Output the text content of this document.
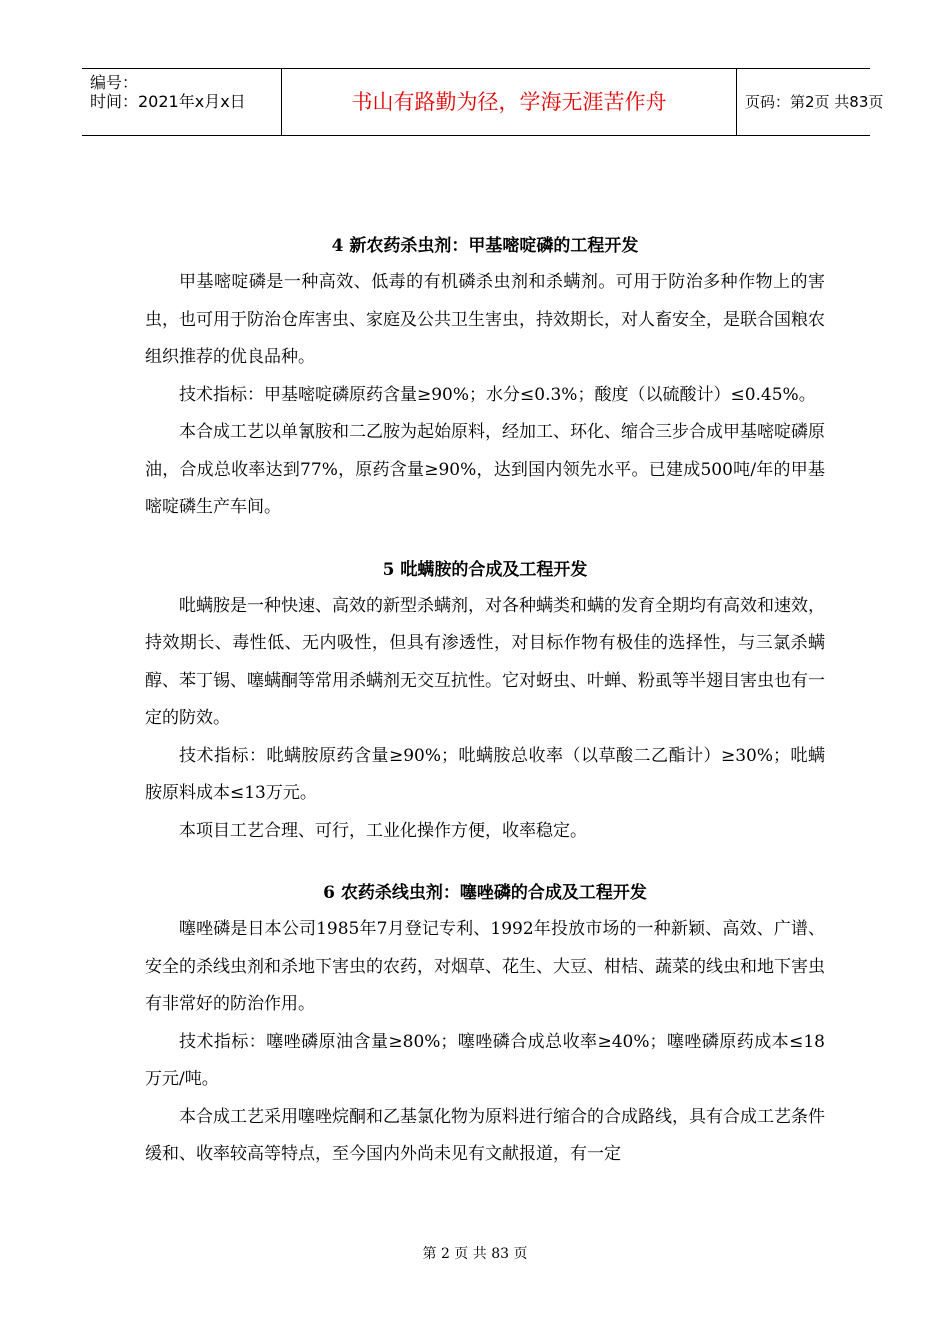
编号：
时间：2021年x月x日	书山有路勤为径，学海无涯苦作舟	页码：第2页 共83页
4 新农药杀虫剂：甲基嘧啶磷的工程开发

甲基嘧啶磷是一种高效、低毒的有机磷杀虫剂和杀螨剂。可用于防治多种作物上的害虫，也可用于防治仓库害虫、家庭及公共卫生害虫，持效期长，对人畜安全，是联合国粮农组织推荐的优良品种。

技术指标：甲基嘧啶磷原药含量≥90%；水分≤0.3%；酸度（以硫酸计）≤0.45%。

本合成工艺以单氰胺和二乙胺为起始原料，经加工、环化、缩合三步合成甲基嘧啶磷原油，合成总收率达到77%，原药含量≥90%，达到国内领先水平。已建成500吨/年的甲基嘧啶磷生产车间。

5 吡螨胺的合成及工程开发

吡螨胺是一种快速、高效的新型杀螨剂，对各种螨类和螨的发育全期均有高效和速效，持效期长、毒性低、无内吸性，但具有渗透性，对目标作物有极佳的选择性，与三氯杀螨醇、苯丁锡、噻螨酮等常用杀螨剂无交互抗性。它对蚜虫、叶蝉、粉虱等半翅目害虫也有一定的防效。

技术指标：吡螨胺原药含量≥90%；吡螨胺总收率（以草酸二乙酯计）≥30%；吡螨胺原料成本≤13万元。

本项目工艺合理、可行，工业化操作方便，收率稳定。

6 农药杀线虫剂：噻唑磷的合成及工程开发

噻唑磷是日本公司1985年7月登记专利、1992年投放市场的一种新颖、高效、广谱、安全的杀线虫剂和杀地下害虫的农药，对烟草、花生、大豆、柑桔、蔬菜的线虫和地下害虫有非常好的防治作用。

技术指标：噻唑磷原油含量≥80%；噻唑磷合成总收率≥40%；噻唑磷原药成本≤18万元/吨。

本合成工艺采用噻唑烷酮和乙基氯化物为原料进行缩合的合成路线，具有合成工艺条件缓和、收率较高等特点，至今国内外尚未见有文献报道，有一定

第 2 页 共 83 页
